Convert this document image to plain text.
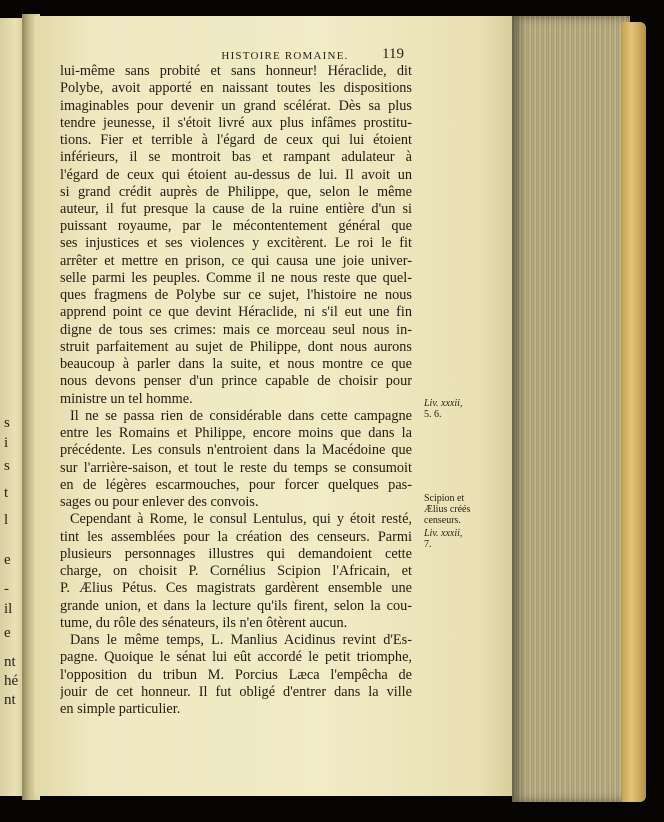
s
i
s
t
l
e
-
il
e
nt
hé
nt
HISTOIRE ROMAINE.	119
lui-même sans probité et sans honneur! Héraclide, dit
Polybe, avoit apporté en naissant toutes les dispositions
imaginables pour devenir un grand scélérat. Dès sa plus
tendre jeunesse, il s'étoit livré aux plus infâmes prostitu-
tions. Fier et terrible à l'égard de ceux qui lui étoient
inférieurs, il se montroit bas et rampant adulateur à
l'égard de ceux qui étoient au-dessus de lui. Il avoit un
si grand crédit auprès de Philippe, que, selon le même
auteur, il fut presque la cause de la ruine entière d'un si
puissant royaume, par le mécontentement général que
ses injustices et ses violences y excitèrent. Le roi le fit
arrêter et mettre en prison, ce qui causa une joie univer-
selle parmi les peuples. Comme il ne nous reste que quel-
ques fragmens de Polybe sur ce sujet, l'histoire ne nous
apprend point ce que devint Héraclide, ni s'il eut une fin
digne de tous ses crimes: mais ce morceau seul nous in-
struit parfaitement au sujet de Philippe, dont nous aurons
beaucoup à parler dans la suite, et nous montre ce que
nous devons penser d'un prince capable de choisir pour
ministre un tel homme.
Il ne se passa rien de considérable dans cette campagne
entre les Romains et Philippe, encore moins que dans la
précédente. Les consuls n'entroient dans la Macédoine que
sur l'arrière-saison, et tout le reste du temps se consumoit
en de légères escarmouches, pour forcer quelques pas-
sages ou pour enlever des convois.
Cependant à Rome, le consul Lentulus, qui y étoit resté,
tint les assemblées pour la création des censeurs. Parmi
plusieurs personnages illustres qui demandoient cette
charge, on choisit P. Cornélius Scipion l'Africain, et
P. Ælius Pétus. Ces magistrats gardèrent ensemble une
grande union, et dans la lecture qu'ils firent, selon la cou-
tume, du rôle des sénateurs, ils n'en ôtèrent aucun.
Dans le même temps, L. Manlius Acidinus revint d'Es-
pagne. Quoique le sénat lui eût accordé le petit triomphe,
l'opposition du tribun M. Porcius Læca l'empêcha de
jouir de cet honneur. Il fut obligé d'entrer dans la ville
en simple particulier.
Liv. xxxii,
5. 6.
Scipion et
Ælius créés
censeurs.
Liv. xxxii,
7.
